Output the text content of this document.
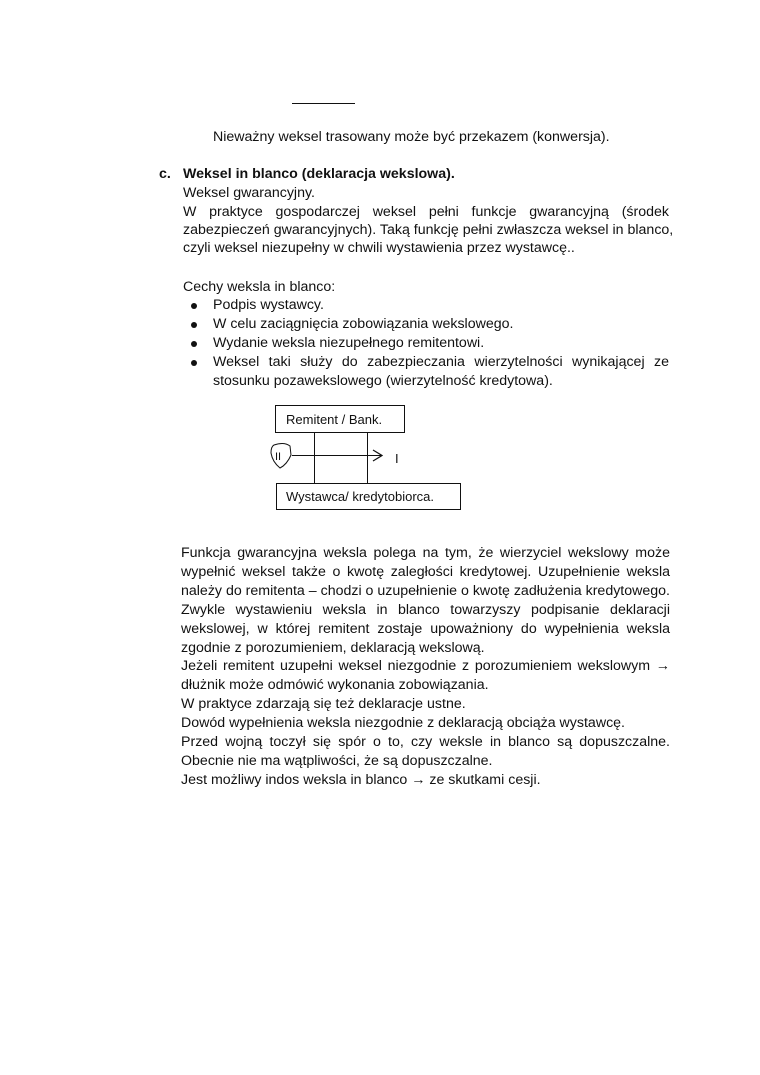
Nieważny weksel trasowany może być przekazem (konwersja).
c. Weksel in blanco (deklaracja wekslowa).
Weksel gwarancyjny.
W praktyce gospodarczej weksel pełni funkcje gwarancyjną (środek
zabezpieczeń gwarancyjnych). Taką funkcję pełni zwłaszcza weksel in blanco,
czyli weksel niezupełny w chwili wystawienia przez wystawcę..
Cechy weksla in blanco:
Podpis wystawcy.
W celu zaciągnięcia zobowiązania wekslowego.
Wydanie weksla niezupełnego remitentowi.
Weksel taki służy do zabezpieczania wierzytelności wynikającej ze
stosunku pozawekslowego (wierzytelność kredytowa).
Remitent / Bank.
II	I
Wystawca/ kredytobiorca.
Funkcja gwarancyjna weksla polega na tym, że wierzyciel wekslowy może
wypełnić weksel także o kwotę zaległości kredytowej. Uzupełnienie weksla
należy do remitenta – chodzi o uzupełnienie o kwotę zadłużenia kredytowego.
Zwykle wystawieniu weksla in blanco towarzyszy podpisanie deklaracji
wekslowej, w której remitent zostaje upoważniony do wypełnienia weksla
zgodnie z porozumieniem, deklaracją wekslową.
Jeżeli remitent uzupełni weksel niezgodnie z porozumieniem wekslowym →
dłużnik może odmówić wykonania zobowiązania.
W praktyce zdarzają się też deklaracje ustne.
Dowód wypełnienia weksla niezgodnie z deklaracją obciąża wystawcę.
Przed wojną toczył się spór o to, czy weksle in blanco są dopuszczalne.
Obecnie nie ma wątpliwości, że są dopuszczalne.
Jest możliwy indos weksla in blanco → ze skutkami cesji.
